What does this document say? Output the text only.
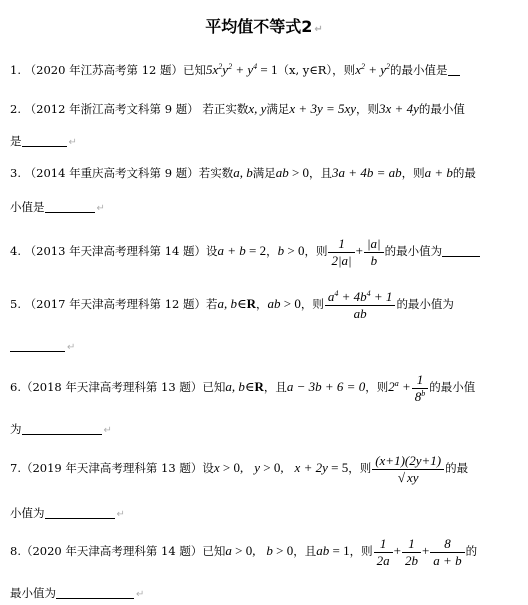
平均值不等式2 ↵
1. （2020 年江苏高考第 12 题）已知$5x^2y^2 + y^4 = 1(x$, y∈R），则$x^2 + y^2$的最小值是
2. （2012 年浙江高考文科第 9 题） 若正实数x, y满足x + 3y = 5xy，则3x + 4y的最小值
是	↵
3. （2014 年重庆高考文科第 9 题）若实数a, b满足ab > 0，且3a + 4b = ab，则a + b的最
小值是	↵
4. （2013 年天津高考理科第 14 题）设a + b = 2，b > 0，则 $\frac{1}{2|a|} + \frac{|a|}{b}$ 的最小值为
5. （2017 年天津高考理科第 12 题）若a, b∈R，ab > 0，则 $\frac{a^4 + 4b^4 + 1}{ab}$ 的最小值为
↵
6.（2018 年天津高考理科第 13 题）已知a, b∈R，且a − 3b + 6 = 0，则$2^a + \frac{1}{8^b}$ 的最小值
为	↵
7.（2019 年天津高考理科第 13 题）设x > 0, y > 0, x + 2y = 5，则 $\frac{(x+1)(2y+1)}{√ xy}$ 的最
小值为	↵
8.（2020 年天津高考理科第 14 题）已知a > 0, b > 0，且ab = 1，则 $\frac{1}{2a} + \frac{1}{2b} + \frac{8}{a + b}$ 的
最小值为	↵
